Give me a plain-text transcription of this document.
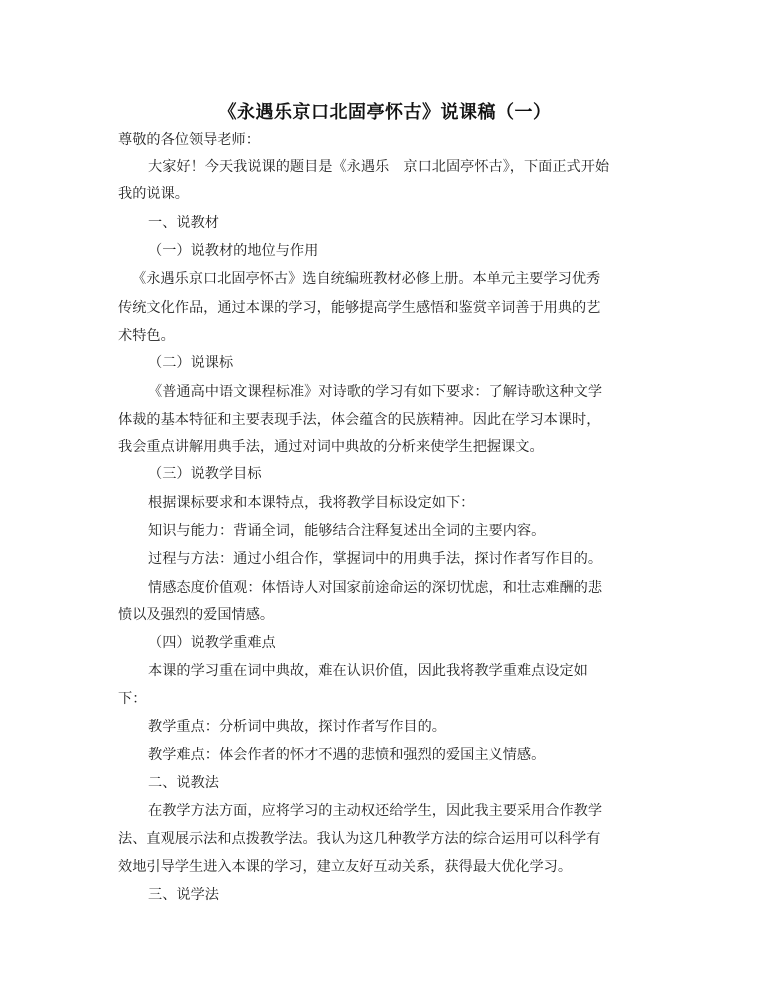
《永遇乐京口北固亭怀古》说课稿（一）
尊敬的各位领导老师：
大家好！今天我说课的题目是《永遇乐　京口北固亭怀古》，下面正式开始
我的说课。
一、说教材
（一）说教材的地位与作用
《永遇乐京口北固亭怀古》选自统编班教材必修上册。本单元主要学习优秀
传统文化作品，通过本课的学习，能够提高学生感悟和鉴赏辛词善于用典的艺
术特色。
（二）说课标
《普通高中语文课程标准》对诗歌的学习有如下要求：了解诗歌这种文学
体裁的基本特征和主要表现手法，体会蕴含的民族精神。因此在学习本课时，
我会重点讲解用典手法，通过对词中典故的分析来使学生把握课文。
（三）说教学目标
根据课标要求和本课特点，我将教学目标设定如下：
知识与能力：背诵全词，能够结合注释复述出全词的主要内容。
过程与方法：通过小组合作，掌握词中的用典手法，探讨作者写作目的。
情感态度价值观：体悟诗人对国家前途命运的深切忧虑，和壮志难酬的悲
愤以及强烈的爱国情感。
（四）说教学重难点
本课的学习重在词中典故，难在认识价值，因此我将教学重难点设定如
下：
教学重点：分析词中典故，探讨作者写作目的。
教学难点：体会作者的怀才不遇的悲愤和强烈的爱国主义情感。
二、说教法
在教学方法方面，应将学习的主动权还给学生，因此我主要采用合作教学
法、直观展示法和点拨教学法。我认为这几种教学方法的综合运用可以科学有
效地引导学生进入本课的学习，建立友好互动关系，获得最大优化学习。
三、说学法
